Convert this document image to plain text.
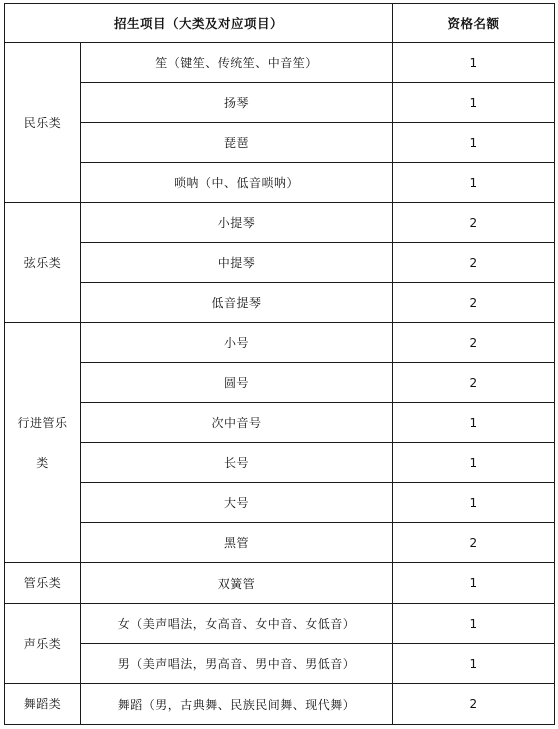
招生项目（大类及对应项目）		资格名额
民乐类	笙（键笙、传统笙、中音笙）	1
	扬琴	1
	琵琶	1
	唢呐（中、低音唢呐）	1
弦乐类	小提琴	2
	中提琴	2
	低音提琴	2
行进管乐类	小号	2
	圆号	2
	次中音号	1
	长号	1
	大号	1
	黑管	2
管乐类	双簧管	1
声乐类	女（美声唱法，女高音、女中音、女低音）	1
	男（美声唱法，男高音、男中音、男低音）	1
舞蹈类	舞蹈（男，古典舞、民族民间舞、现代舞）	2
